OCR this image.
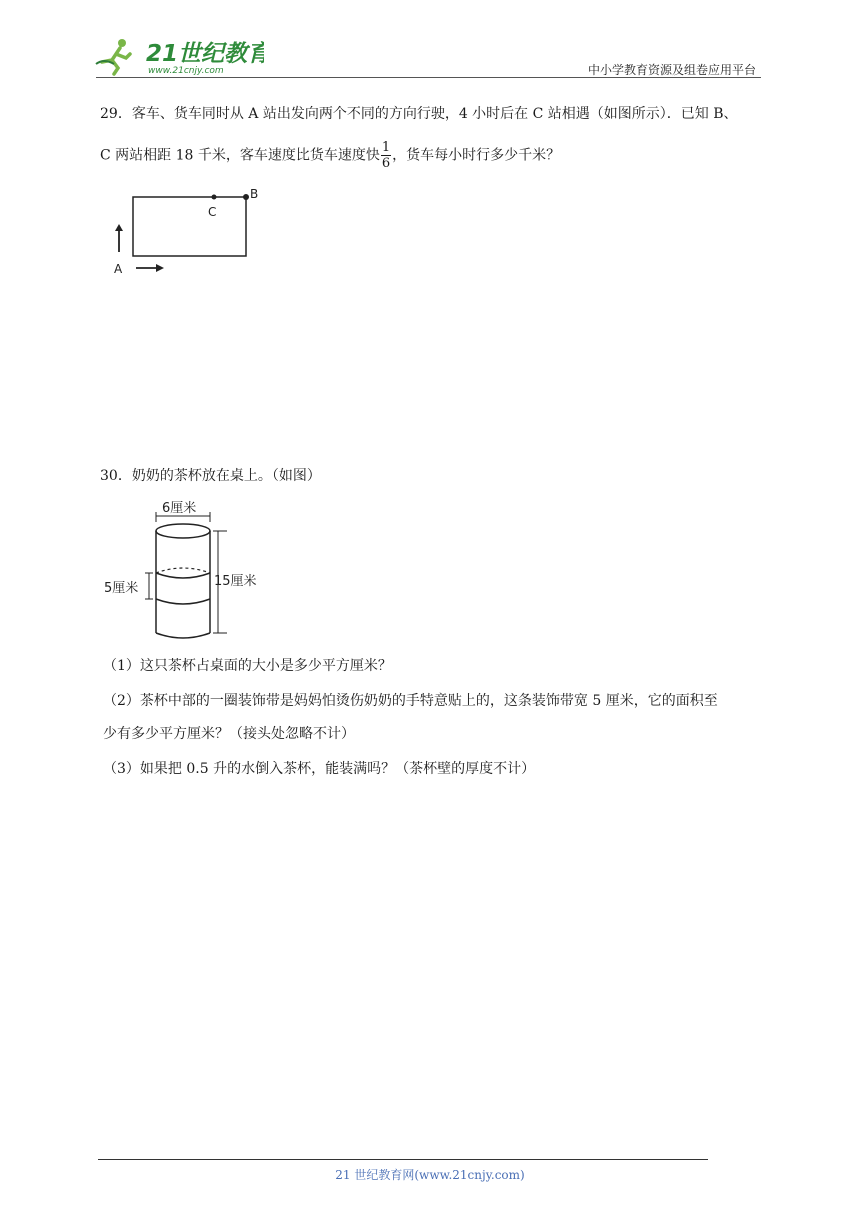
21世纪教育
www.21cnjy.com	中小学教育资源及组卷应用平台
29．客车、货车同时从 A 站出发向两个不同的方向行驶，4 小时后在 C 站相遇（如图所示）．已知 B、
C 两站相距 18 千米，客车速度比货车速度快 $\frac{1}{6}$ ，货车每小时行多少千米？
C
B
A
30．奶奶的茶杯放在桌上。（如图）
6厘米
5厘米	15厘米
（1）这只茶杯占桌面的大小是多少平方厘米？
（2）茶杯中部的一圈装饰带是妈妈怕烫伤奶奶的手特意贴上的，这条装饰带宽 5 厘米，它的面积至
少有多少平方厘米？（接头处忽略不计）
（3）如果把 0.5 升的水倒入茶杯，能装满吗？（茶杯壁的厚度不计）
21 世纪教育网(www.21cnjy.com)
